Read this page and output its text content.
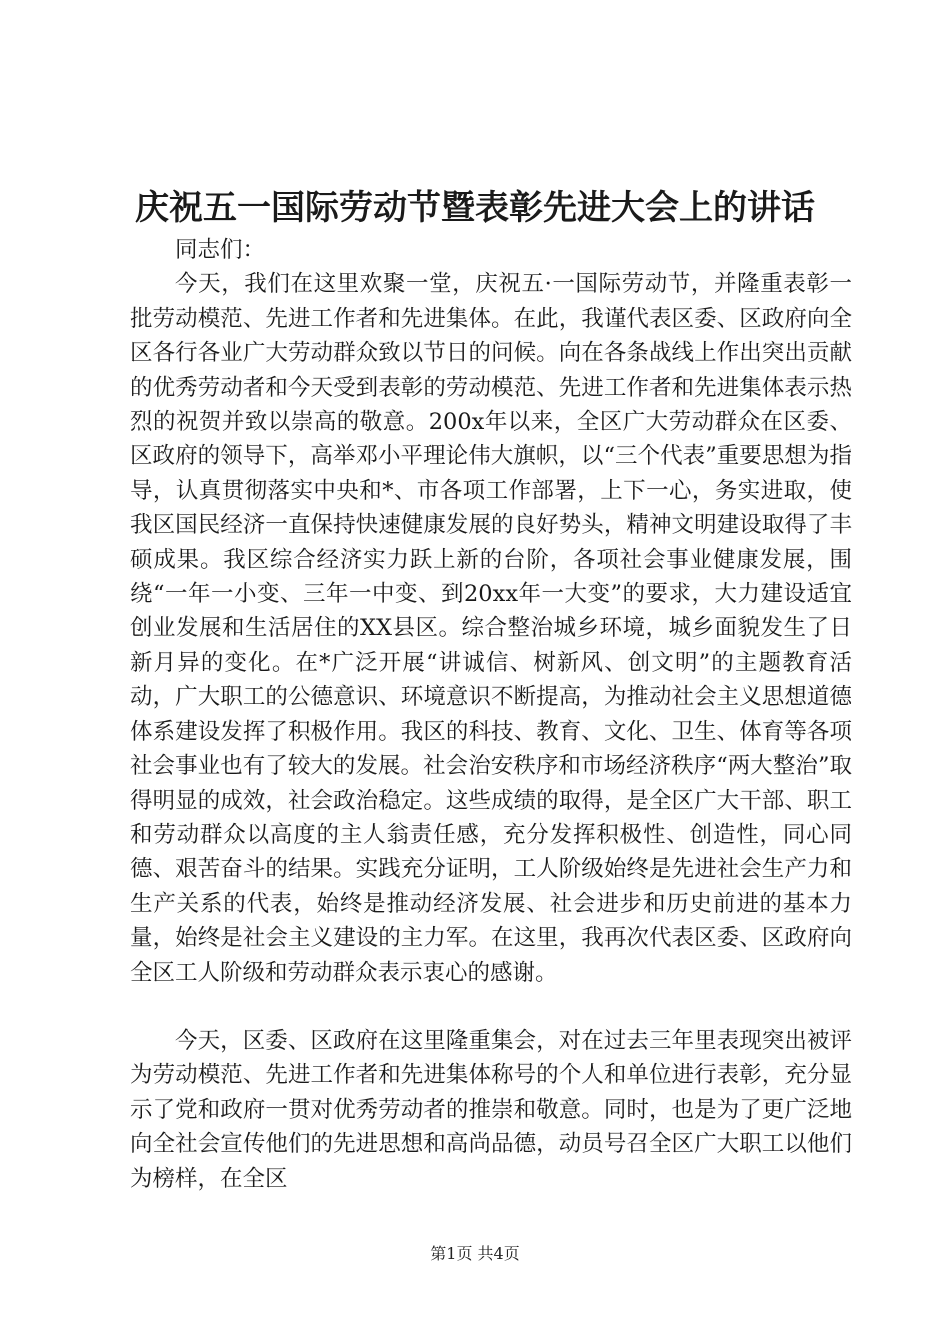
庆祝五一国际劳动节暨表彰先进大会上的讲话

同志们：

今天，我们在这里欢聚一堂，庆祝五·一国际劳动节，并隆重表彰一批劳动模范、先进工作者和先进集体。在此，我谨代表区委、区政府向全区各行各业广大劳动群众致以节日的问候。向在各条战线上作出突出贡献的优秀劳动者和今天受到表彰的劳动模范、先进工作者和先进集体表示热烈的祝贺并致以崇高的敬意。200x年以来，全区广大劳动群众在区委、区政府的领导下，高举邓小平理论伟大旗帜，以“三个代表”重要思想为指导，认真贯彻落实中央和*、市各项工作部署，上下一心，务实进取，使我区国民经济一直保持快速健康发展的良好势头，精神文明建设取得了丰硕成果。我区综合经济实力跃上新的台阶，各项社会事业健康发展，围绕“一年一小变、三年一中变、到20xx年一大变”的要求，大力建设适宜创业发展和生活居住的XX县区。综合整治城乡环境，城乡面貌发生了日新月异的变化。在*广泛开展“讲诚信、树新风、创文明”的主题教育活动，广大职工的公德意识、环境意识不断提高，为推动社会主义思想道德体系建设发挥了积极作用。我区的科技、教育、文化、卫生、体育等各项社会事业也有了较大的发展。社会治安秩序和市场经济秩序“两大整治”取得明显的成效，社会政治稳定。这些成绩的取得，是全区广大干部、职工和劳动群众以高度的主人翁责任感，充分发挥积极性、创造性，同心同德、艰苦奋斗的结果。实践充分证明，工人阶级始终是先进社会生产力和生产关系的代表，始终是推动经济发展、社会进步和历史前进的基本力量，始终是社会主义建设的主力军。在这里，我再次代表区委、区政府向全区工人阶级和劳动群众表示衷心的感谢。

今天，区委、区政府在这里隆重集会，对在过去三年里表现突出被评为劳动模范、先进工作者和先进集体称号的个人和单位进行表彰，充分显示了党和政府一贯对优秀劳动者的推崇和敬意。同时，也是为了更广泛地向全社会宣传他们的先进思想和高尚品德，动员号召全区广大职工以他们为榜样，在全区

第1页 共4页
